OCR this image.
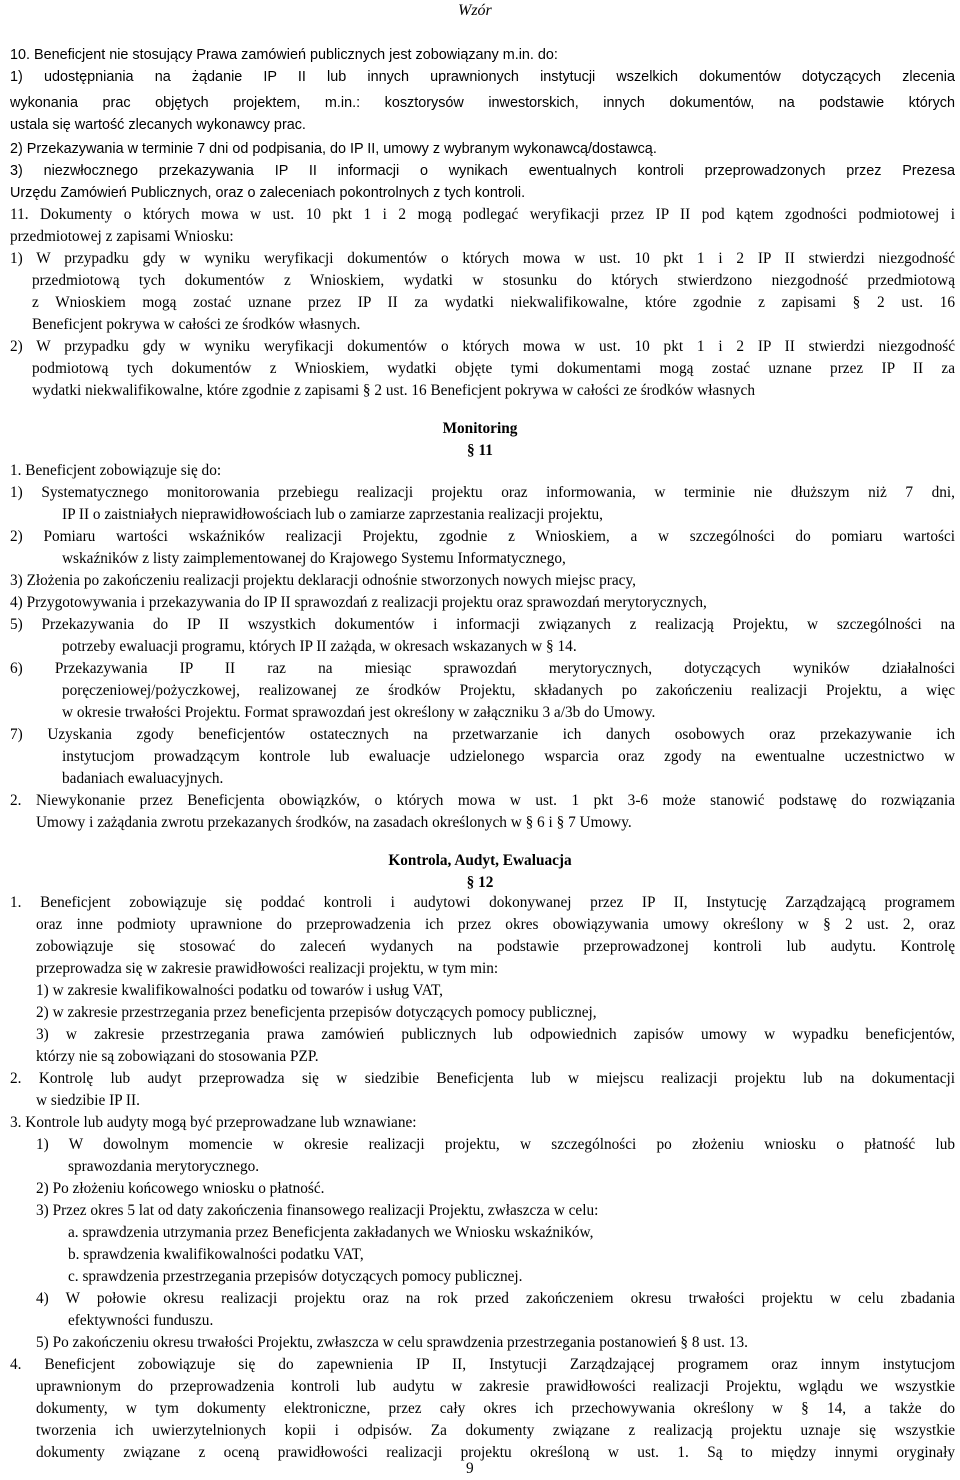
Wzór
10. Beneficjent nie stosujący Prawa zamówień publicznych jest zobowiązany m.in. do:
1) udostępniania na żądanie IP II lub innych uprawnionych instytucji wszelkich dokumentów dotyczących zlecenia
wykonania prac objętych projektem, m.in.: kosztorysów inwestorskich, innych dokumentów, na podstawie których
ustala się wartość zlecanych wykonawcy prac.
2) Przekazywania w terminie 7 dni od podpisania, do IP II, umowy z wybranym wykonawcą/dostawcą.
3) niezwłocznego przekazywania IP II informacji o wynikach ewentualnych kontroli przeprowadzonych przez Prezesa
Urzędu Zamówień Publicznych, oraz o zaleceniach pokontrolnych z tych kontroli.
11. Dokumenty o których mowa w ust. 10 pkt 1 i 2 mogą podlegać weryfikacji przez IP II pod kątem zgodności podmiotowej i
przedmiotowej z zapisami Wniosku:
1) W przypadku gdy w wyniku weryfikacji dokumentów o których mowa w ust. 10 pkt 1 i 2 IP II stwierdzi niezgodność
przedmiotową tych dokumentów z Wnioskiem, wydatki w stosunku do których stwierdzono niezgodność przedmiotową
z Wnioskiem mogą zostać uznane przez IP II za wydatki niekwalifikowalne, które zgodnie z zapisami § 2 ust. 16
Beneficjent pokrywa w całości ze środków własnych.
2) W przypadku gdy w wyniku weryfikacji dokumentów o których mowa w ust. 10 pkt 1 i 2 IP II stwierdzi niezgodność
podmiotową tych dokumentów z Wnioskiem, wydatki objęte tymi dokumentami mogą zostać uznane przez IP II za
wydatki niekwalifikowalne, które zgodnie z zapisami § 2 ust. 16 Beneficjent pokrywa w całości ze środków własnych
Monitoring
§ 11
1. Beneficjent zobowiązuje się do:
1) Systematycznego monitorowania przebiegu realizacji projektu oraz informowania, w terminie nie dłuższym niż 7 dni,
IP II o zaistniałych nieprawidłowościach lub o zamiarze zaprzestania realizacji projektu,
2) Pomiaru wartości wskaźników realizacji Projektu, zgodnie z Wnioskiem, a w szczególności do pomiaru wartości
wskaźników z listy zaimplementowanej do Krajowego Systemu Informatycznego,
3) Złożenia po zakończeniu realizacji projektu deklaracji odnośnie stworzonych nowych miejsc pracy,
4) Przygotowywania i przekazywania do IP II sprawozdań z realizacji projektu oraz sprawozdań merytorycznych,
5) Przekazywania do IP II wszystkich dokumentów i informacji związanych z realizacją Projektu, w szczególności na
potrzeby ewaluacji programu, których IP II zażąda, w okresach wskazanych w § 14.
6) Przekazywania IP II raz na miesiąc sprawozdań merytorycznych, dotyczących wyników działalności
poręczeniowej/pożyczkowej, realizowanej ze środków Projektu, składanych po zakończeniu realizacji Projektu, a więc
w okresie trwałości Projektu. Format sprawozdań jest określony w załączniku 3 a/3b do Umowy.
7) Uzyskania zgody beneficjentów ostatecznych na przetwarzanie ich danych osobowych oraz przekazywanie ich
instytucjom prowadzącym kontrole lub ewaluacje udzielonego wsparcia oraz zgody na ewentualne uczestnictwo w
badaniach ewaluacyjnych.
2. Niewykonanie przez Beneficjenta obowiązków, o których mowa w ust. 1 pkt 3-6 może stanowić podstawę do rozwiązania
Umowy i zażądania zwrotu przekazanych środków, na zasadach określonych w § 6 i § 7 Umowy.
Kontrola, Audyt, Ewaluacja
§ 12
1. Beneficjent zobowiązuje się poddać kontroli i audytowi dokonywanej przez IP II, Instytucję Zarządzającą programem
oraz inne podmioty uprawnione do przeprowadzenia ich przez okres obowiązywania umowy określony w § 2 ust. 2, oraz
zobowiązuje się stosować do zaleceń wydanych na podstawie przeprowadzonej kontroli lub audytu. Kontrolę
przeprowadza się w zakresie prawidłowości realizacji projektu, w tym min:
1) w zakresie kwalifikowalności podatku od towarów i usług VAT,
2) w zakresie przestrzegania przez beneficjenta przepisów dotyczących pomocy publicznej,
3) w zakresie przestrzegania prawa zamówień publicznych lub odpowiednich zapisów umowy w wypadku beneficjentów,
którzy nie są zobowiązani do stosowania PZP.
2. Kontrolę lub audyt przeprowadza się w siedzibie Beneficjenta lub w miejscu realizacji projektu lub na dokumentacji
w siedzibie IP II.
3. Kontrole lub audyty mogą być przeprowadzane lub wznawiane:
1) W dowolnym momencie w okresie realizacji projektu, w szczególności po złożeniu wniosku o płatność lub
sprawozdania merytorycznego.
2) Po złożeniu końcowego wniosku o płatność.
3) Przez okres 5 lat od daty zakończenia finansowego realizacji Projektu, zwłaszcza w celu:
a. sprawdzenia utrzymania przez Beneficjenta zakładanych we Wniosku wskaźników,
b. sprawdzenia kwalifikowalności podatku VAT,
c. sprawdzenia przestrzegania przepisów dotyczących pomocy publicznej.
4) W połowie okresu realizacji projektu oraz na rok przed zakończeniem okresu trwałości projektu w celu zbadania
efektywności funduszu.
5) Po zakończeniu okresu trwałości Projektu, zwłaszcza w celu sprawdzenia przestrzegania postanowień § 8 ust. 13.
4. Beneficjent zobowiązuje się do zapewnienia IP II, Instytucji Zarządzającej programem oraz innym instytucjom
uprawnionym do przeprowadzenia kontroli lub audytu w zakresie prawidłowości realizacji Projektu, wglądu we wszystkie
dokumenty, w tym dokumenty elektroniczne, przez cały okres ich przechowywania określony w § 14, a także do
tworzenia ich uwierzytelnionych kopii i odpisów. Za dokumenty związane z realizacją projektu uznaje się wszystkie
dokumenty związane z oceną prawidłowości realizacji projektu określoną w ust. 1. Są to między innymi oryginały
9
